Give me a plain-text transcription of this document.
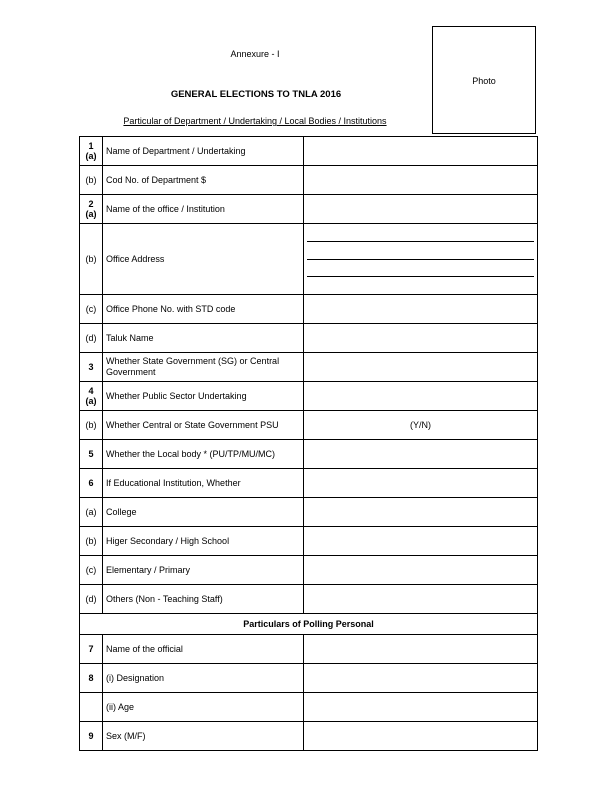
Annexure - I
GENERAL ELECTIONS TO TNLA 2016
Particular of Department / Undertaking / Local Bodies / Institutions
Photo
1
(a)	Name of Department / Undertaking	
(b)	Cod No. of Department $	
2
(a)	Name of the office / Institution	
(b)	Office Address	

(c)	Office Phone No. with STD code	
(d)	Taluk Name	
3	Whether State Government (SG) or Central Government	
4
(a)	Whether Public Sector Undertaking	
(b)	Whether Central or State Government PSU	(Y/N)
5	Whether the Local body * (PU/TP/MU/MC)	
6	If Educational Institution, Whether	
(a)	College	
(b)	Higer Secondary / High School	
(c)	Elementary / Primary	
(d)	Others (Non - Teaching Staff)	
Particulars of Polling Personal		
7	Name of the official	
8	(i) Designation	
	(ii) Age	
9	Sex (M/F)	
